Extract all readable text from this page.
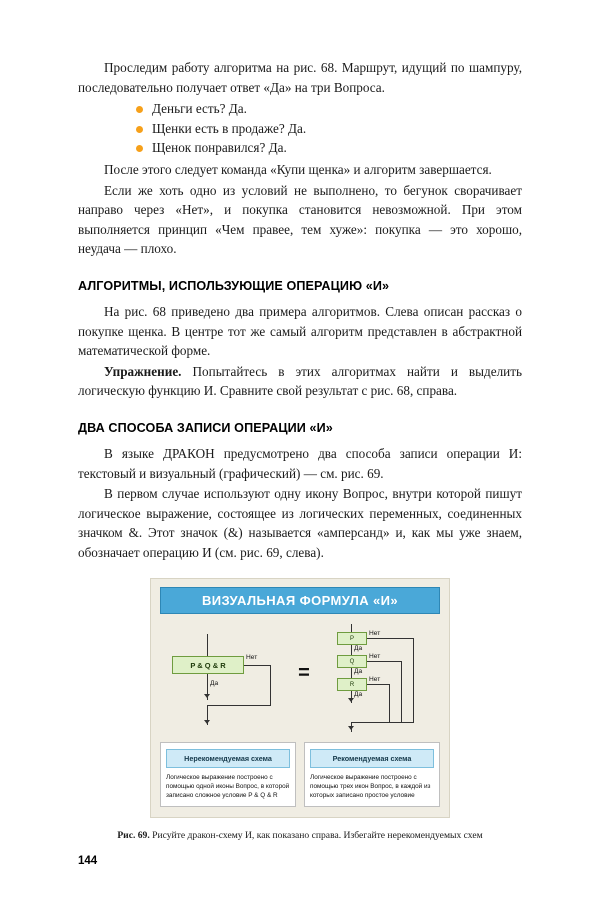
Проследим работу алгоритма на рис. 68. Маршрут, идущий по шампуру, последовательно получает ответ «Да» на три Вопроса.

Деньги есть? Да.
Щенки есть в продаже? Да.
Щенок понравился? Да.

После этого следует команда «Купи щенка» и алгоритм завершается.

Если же хоть одно из условий не выполнено, то бегунок сворачивает направо через «Нет», и покупка становится невозможной. При этом выполняется принцип «Чем правее, тем хуже»: покупка — это хорошо, неудача — плохо.

АЛГОРИТМЫ, ИСПОЛЬЗУЮЩИЕ ОПЕРАЦИЮ «И»

На рис. 68 приведено два примера алгоритмов. Слева описан рассказ о покупке щенка. В центре тот же самый алгоритм представлен в абстрактной математической форме.

Упражнение. Попытайтесь в этих алгоритмах найти и выделить логическую функцию И. Сравните свой результат с рис. 68, справа.

ДВА СПОСОБА ЗАПИСИ ОПЕРАЦИИ «И»

В языке ДРАКОН предусмотрено два способа записи операции И: текстовый и визуальный (графический) — см. рис. 69.

В первом случае используют одну икону Вопрос, внутри которой пишут логическое выражение, состоящее из логических переменных, соединенных значком &. Этот значок (&) называется «амперсанд» и, как мы уже знаем, обозначает операцию И (см. рис. 69, слева).

ВИЗУАЛЬНАЯ ФОРМУЛА «И»
P & Q & R
Нет
Да	=
P
Нет
Да
Q
Нет
Да
R
Нет
Да
Нерекомендуемая схема
Логическое выражение построено с помощью одной иконы Вопрос, в которой записано сложное условие P & Q & R
Рекомендуемая схема
Логическое выражение построено с помощью трех икон Вопрос, в каждой из которых записано простое условие
Рис. 69. Рисуйте дракон-схему И, как показано справа. Избегайте нерекомендуемых схем
144
